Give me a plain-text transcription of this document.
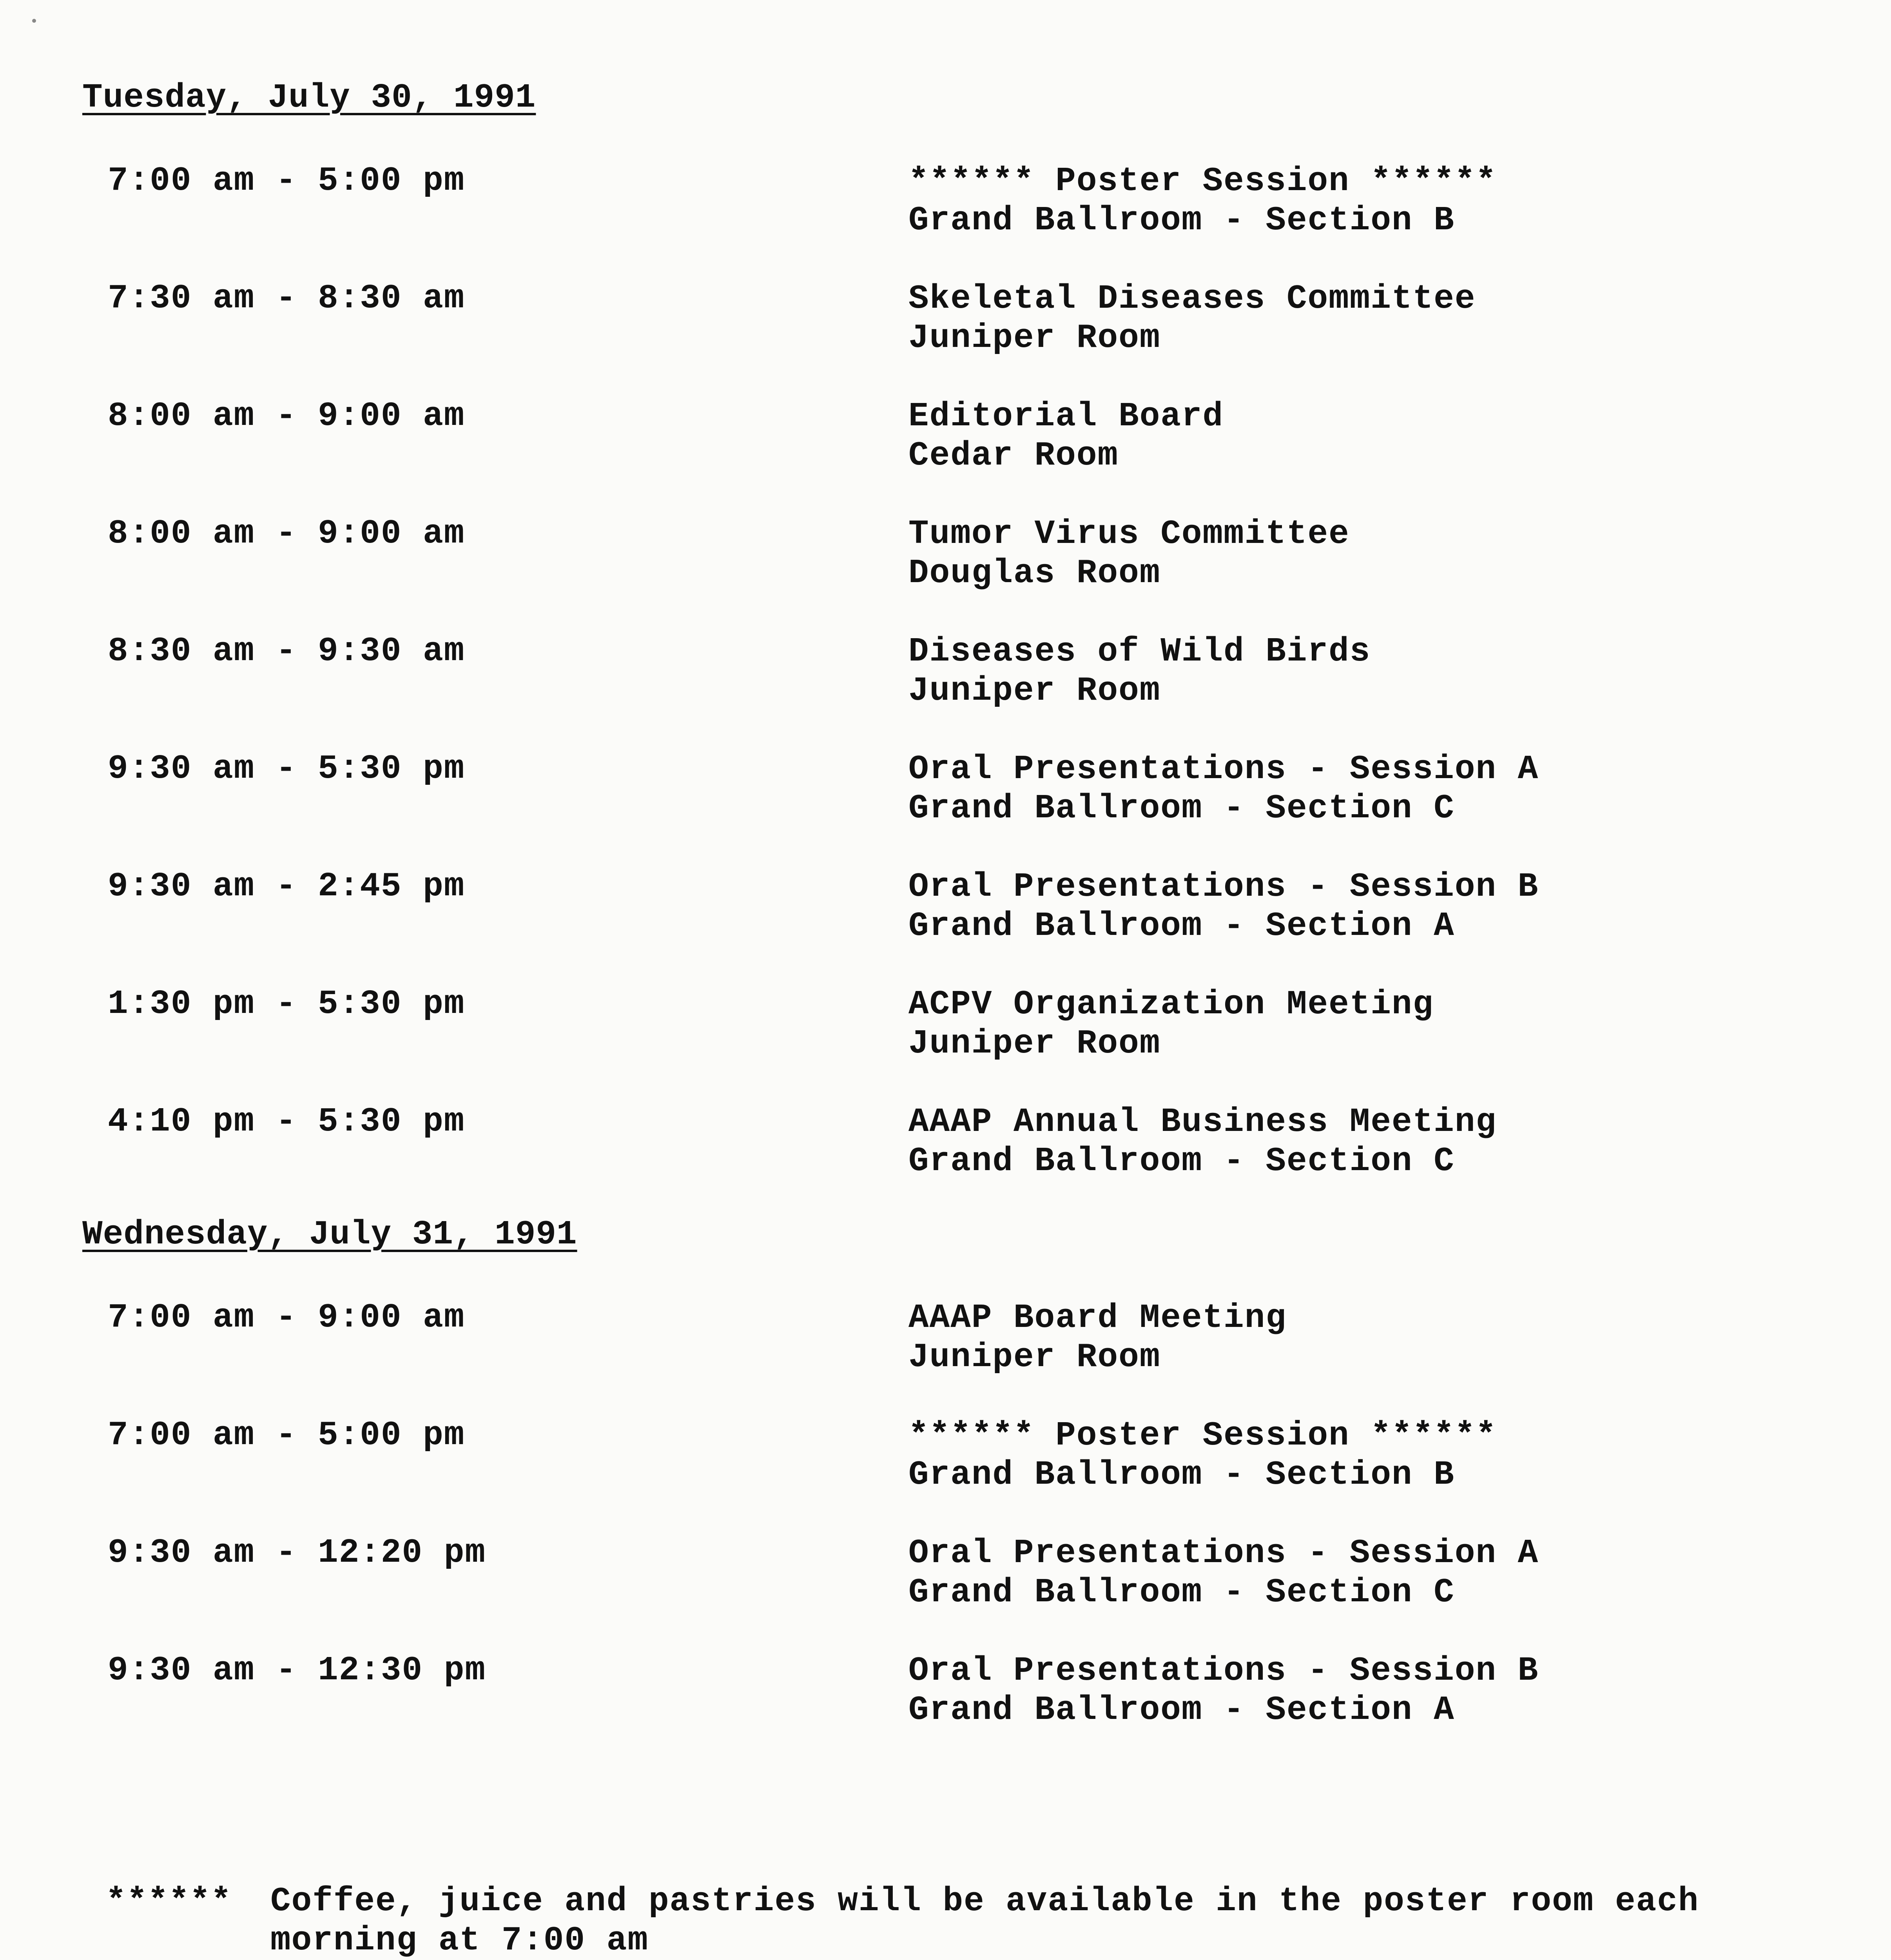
Tuesday, July 30, 1991
7:00 am - 5:00 pm	****** Poster Session ******
Grand Ballroom - Section B
7:30 am - 8:30 am	Skeletal Diseases Committee
Juniper Room
8:00 am - 9:00 am	Editorial Board
Cedar Room
8:00 am - 9:00 am	Tumor Virus Committee
Douglas Room
8:30 am - 9:30 am	Diseases of Wild Birds
Juniper Room
9:30 am - 5:30 pm	Oral Presentations - Session A
Grand Ballroom - Section C
9:30 am - 2:45 pm	Oral Presentations - Session B
Grand Ballroom - Section A
1:30 pm - 5:30 pm	ACPV Organization Meeting
Juniper Room
4:10 pm - 5:30 pm	AAAP Annual Business Meeting
Grand Ballroom - Section C
Wednesday, July 31, 1991
7:00 am - 9:00 am	AAAP Board Meeting
Juniper Room
7:00 am - 5:00 pm	****** Poster Session ******
Grand Ballroom - Section B
9:30 am - 12:20 pm	Oral Presentations - Session A
Grand Ballroom - Section C
9:30 am - 12:30 pm	Oral Presentations - Session B
Grand Ballroom - Section A
****** Coffee, juice and pastries will be available in the poster room each
morning at 7:00 am
